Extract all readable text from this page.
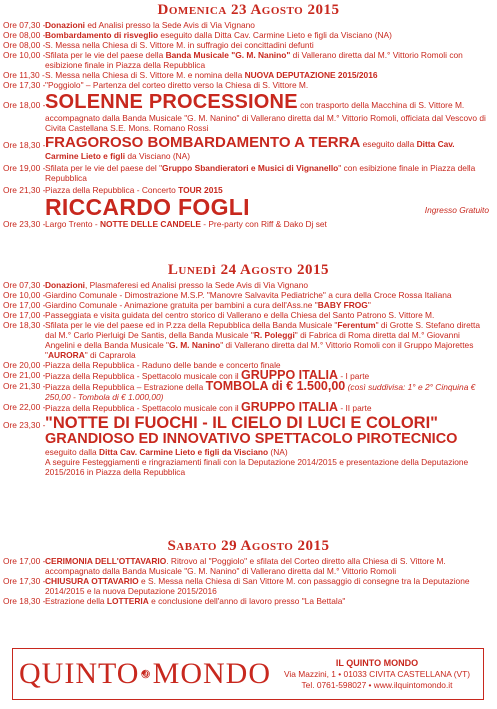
Domenica 23 Agosto 2015
Ore 07,30 - Donazioni ed Analisi presso la Sede Avis di Via Vignano
Ore 08,00 - Bombardamento di risveglio eseguito dalla Ditta Cav. Carmine Lieto e figli da Visciano (NA)
Ore 08,00 - S. Messa nella Chiesa di S. Vittore M. in suffragio dei concittadini defunti
Ore 10,00 - Sfilata per le vie del paese della Banda Musicale "G. M. Nanino" di Vallerano diretta dal M.° Vittorio Romoli con esibizione finale in Piazza della Repubblica
Ore 11,30 - S. Messa nella Chiesa di S. Vittore M. e nomina della NUOVA DEPUTAZIONE 2015/2016
Ore 17,30 - "Poggiolo" – Partenza del corteo diretto verso la Chiesa di S. Vittore M.
Ore 18,00 - SOLENNE PROCESSIONE con trasporto della Macchina di S. Vittore M. accompagnato dalla Banda Musicale "G. M. Nanino" di Vallerano diretta dal M.° Vittorio Romoli, officiata dal Vescovo di Civita Castellana S.E. Mons. Romano Rossi
Ore 18,30 - FRAGOROSO BOMBARDAMENTO A TERRA eseguito dalla Ditta Cav. Carmine Lieto e figli da Visciano (NA)
Ore 19,00 - Sfilata per le vie del paese del "Gruppo Sbandieratori e Musici di Vignanello" con esibizione finale in Piazza della Repubblica
Ore 21,30 - Piazza della Repubblica - Concerto TOUR 2015

Ingresso Gratuito
RICCARDO FOGLI
Ore 23,30 - Largo Trento - NOTTE DELLE CANDELE - Pre-party con Riff & Dako Dj set
Lunedì 24 Agosto 2015
Ore 07,30 - Donazioni, Plasmaferesi ed Analisi presso la Sede Avis di Via Vignano
Ore 10,00 - Giardino Comunale - Dimostrazione M.S.P. "Manovre Salvavita Pediatriche" a cura della Croce Rossa Italiana
Ore 17,00 - Giardino Comunale - Animazione gratuita per bambini a cura dell'Ass.ne "BABY FROG"
Ore 17,00 - Passeggiata e visita guidata del centro storico di Vallerano e della Chiesa del Santo Patrono S. Vittore M.
Ore 18,30 - Sfilata per le vie del paese ed in P.zza della Repubblica della Banda Musicale "Ferentum" di Grotte S. Stefano diretta dal M.° Carlo Pierluigi De Santis, della Banda Musicale "R. Poleggi" di Fabrica di Roma diretta dal M.° Giovanni Angelini e della Banda Musicale "G. M. Nanino" di Vallerano diretta dal M.° Vittorio Romoli con il Gruppo Majorettes "AURORA" di Caprarola
Ore 20,00 - Piazza della Repubblica - Raduno delle bande e concerto finale
Ore 21,00 - Piazza della Repubblica - Spettacolo musicale con il GRUPPO ITALIA - I parte
Ore 21,30 - Piazza della Repubblica – Estrazione della TOMBOLA di € 1.500,00 (così suddivisa: 1° e 2° Cinquina € 250,00 - Tombola di € 1.000,00)
Ore 22,00 - Piazza della Repubblica - Spettacolo musicale con il GRUPPO ITALIA - II parte
Ore 23,30 - "NOTTE DI FUOCHI - IL CIELO DI LUCI E COLORI"
GRANDIOSO ED INNOVATIVO SPETTACOLO PIROTECNICO
eseguito dalla Ditta Cav. Carmine Lieto e figli da Visciano (NA)
A seguire Festeggiamenti e ringraziamenti finali con la Deputazione 2014/2015 e presentazione della Deputazione 2015/2016 in Piazza della Repubblica
Sabato 29 Agosto 2015
Ore 17,00 - CERIMONIA DELL'OTTAVARIO. Ritrovo al "Poggiolo" e sfilata del Corteo diretto alla Chiesa di S. Vittore M. accompagnato dalla Banda Musicale "G. M. Nanino" di Vallerano diretta dal M.° Vittorio Romoli
Ore 17,30 - CHIUSURA OTTAVARIO e S. Messa nella Chiesa di San Vittore M. con passaggio di consegne tra la Deputazione 2014/2015 e la nuova Deputazione 2015/2016
Ore 18,30 - Estrazione della LOTTERIA e conclusione dell'anno di lavoro presso "La Bettala"
QUINTO MONDO	IL QUINTO MONDO
Via Mazzini, 1 • 01033 CIVITA CASTELLANA (VT)
Tel. 0761-598027 • www.ilquintomondo.it
